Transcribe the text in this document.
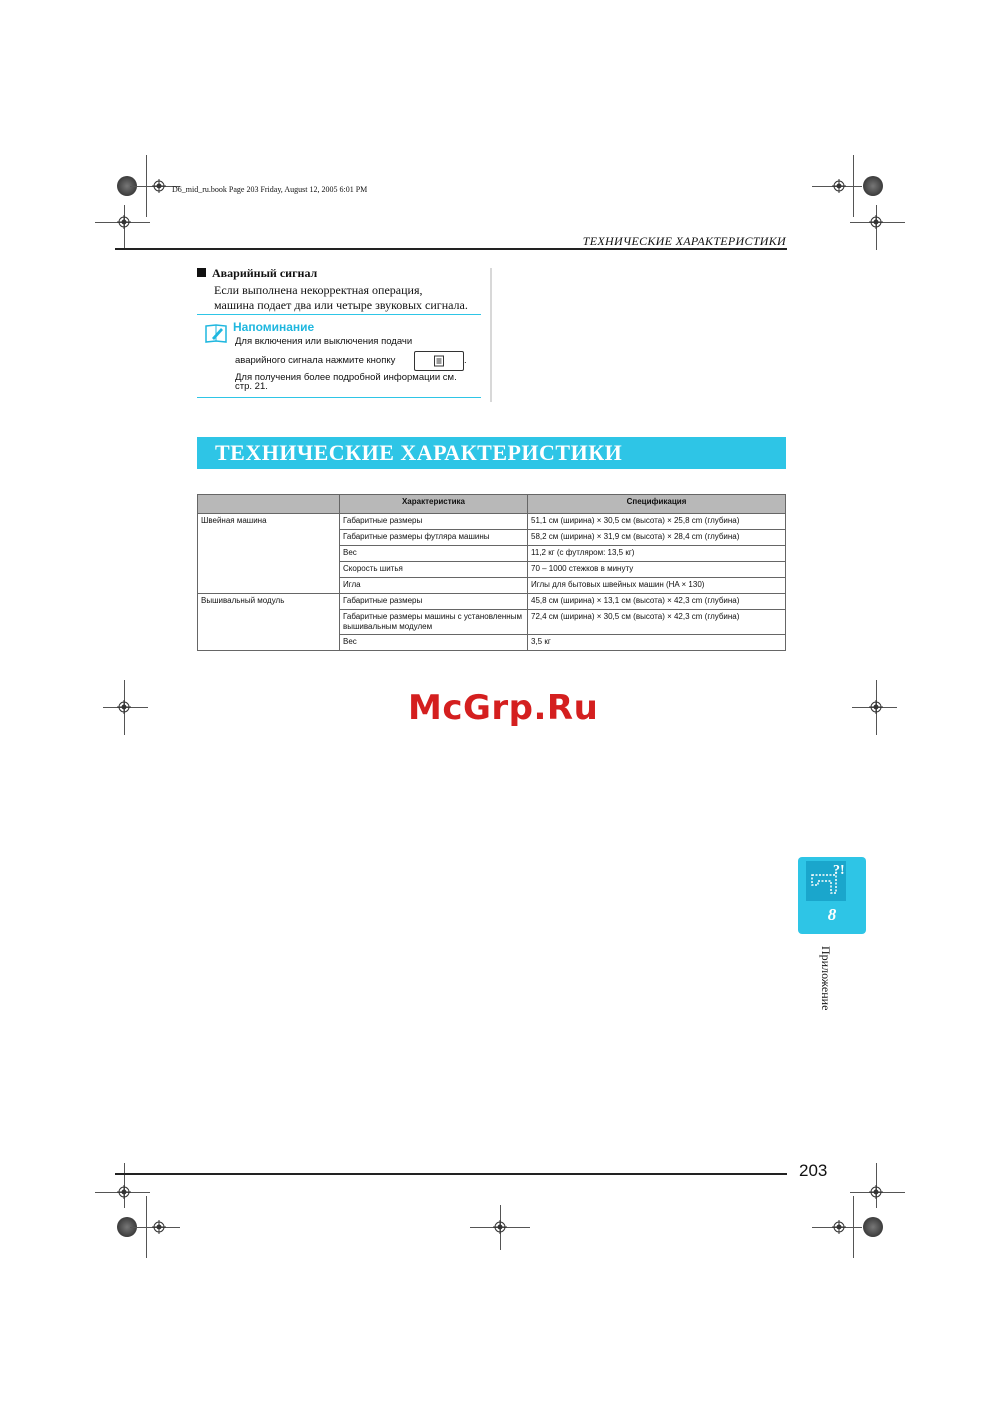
D6_mid_ru.book Page 203 Friday, August 12, 2005 6:01 PM
ТЕХНИЧЕСКИЕ ХАРАКТЕРИСТИКИ
Аварийный сигнал
Если выполнена некорректная операция,
машина подает два или четыре звуковых сигнала.
Напоминание
Для включения или выключения подачи
аварийного сигнала нажмите кнопку	.
Для получения более подробной информации см.
стр. 21.
ТЕХНИЧЕСКИЕ ХАРАКТЕРИСТИКИ
	Характеристика	Спецификация
Швейная машина	Габаритные размеры	51,1 см (ширина) × 30,5 см (высота) × 25,8 cm (глубина)
	Габаритные размеры футляра машины	58,2 см (ширина) × 31,9 см (высота) × 28,4 cm (глубина)
	Вес	11,2 кг (с футляром: 13,5 кг)
	Скорость шитья	70 – 1000 стежков в минуту
	Игла	Иглы для бытовых швейных машин (HA × 130)
Вышивальный модуль	Габаритные размеры	45,8 см (ширина) × 13,1 см (высота) × 42,3 cm (глубина)
	Габаритные размеры машины с установленным вышивальным модулем	72,4 см (ширина) × 30,5 см (высота) × 42,3 cm (глубина)
	Вес	3,5 кг
McGrp.Ru
?!
8
Приложение
203
